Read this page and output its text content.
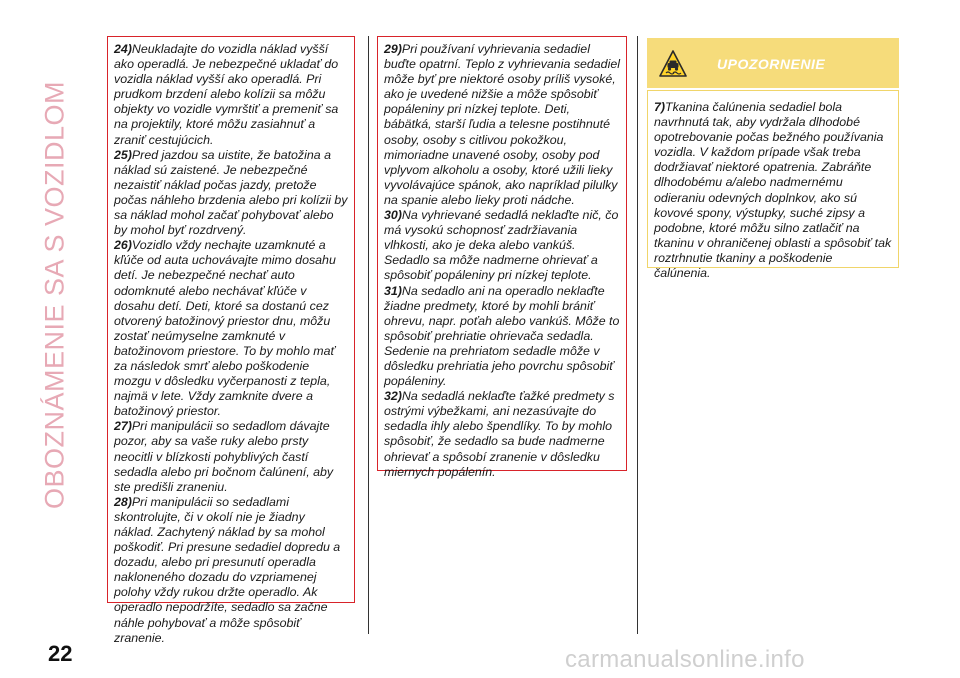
OBOZNÁMENIE SA S VOZIDLOM
22

24)Neukladajte do vozidla náklad vyšší ako operadlá. Je nebezpečné ukladať do vozidla náklad vyšší ako operadlá. Pri prudkom brzdení alebo kolízii sa môžu objekty vo vozidle vymrštiť a premeniť sa na projektily, ktoré môžu zasiahnuť a zraniť cestujúcich.

25)Pred jazdou sa uistite, že batožina a náklad sú zaistené. Je nebezpečné nezaistiť náklad počas jazdy, pretože počas náhleho brzdenia alebo pri kolízii by sa náklad mohol začať pohybovať alebo by mohol byť rozdrvený.

26)Vozidlo vždy nechajte uzamknuté a kľúče od auta uchovávajte mimo dosahu detí. Je nebezpečné nechať auto odomknuté alebo nechávať kľúče v dosahu detí. Deti, ktoré sa dostanú cez otvorený batožinový priestor dnu, môžu zostať neúmyselne zamknuté v batožinovom priestore. To by mohlo mať za následok smrť alebo poškodenie mozgu v dôsledku vyčerpanosti z tepla, najmä v lete. Vždy zamknite dvere a batožinový priestor.

27)Pri manipulácii so sedadlom dávajte pozor, aby sa vaše ruky alebo prsty neocitli v blízkosti pohyblivých častí sedadla alebo pri bočnom čalúnení, aby ste predišli zraneniu.

28)Pri manipulácii so sedadlami skontrolujte, či v okolí nie je žiadny náklad. Zachytený náklad by sa mohol poškodiť. Pri presune sedadiel dopredu a dozadu, alebo pri presunutí operadla nakloneného dozadu do vzpriamenej polohy vždy rukou držte operadlo. Ak operadlo nepodržíte, sedadlo sa začne náhle pohybovať a môže spôsobiť zranenie.

29)Pri používaní vyhrievania sedadiel buďte opatrní. Teplo z vyhrievania sedadiel môže byť pre niektoré osoby príliš vysoké, ako je uvedené nižšie a môže spôsobiť popáleniny pri nízkej teplote. Deti, bábätká, starší ľudia a telesne postihnuté osoby, osoby s citlivou pokožkou, mimoriadne unavené osoby, osoby pod vplyvom alkoholu a osoby, ktoré užili lieky vyvolávajúce spánok, ako napríklad pilulky na spanie alebo lieky proti nádche.

30)Na vyhrievané sedadlá neklaďte nič, čo má vysokú schopnosť zadržiavania vlhkosti, ako je deka alebo vankúš. Sedadlo sa môže nadmerne ohrievať a spôsobiť popáleniny pri nízkej teplote.

31)Na sedadlo ani na operadlo neklaďte žiadne predmety, ktoré by mohli brániť ohrevu, napr. poťah alebo vankúš. Môže to spôsobiť prehriatie ohrievača sedadla. Sedenie na prehriatom sedadle môže v dôsledku prehriatia jeho povrchu spôsobiť popáleniny.

32)Na sedadlá neklaďte ťažké predmety s ostrými výbežkami, ani nezasúvajte do sedadla ihly alebo špendlíky. To by mohlo spôsobiť, že sedadlo sa bude nadmerne ohrievať a spôsobí zranenie v dôsledku miernych popálenín.

UPOZORNENIE

7)Tkanina čalúnenia sedadiel bola navrhnutá tak, aby vydržala dlhodobé opotrebovanie počas bežného používania vozidla. V každom prípade však treba dodržiavať niektoré opatrenia. Zabráňte dlhodobému a/alebo nadmernému odieraniu odevných doplnkov, ako sú kovové spony, výstupky, suché zipsy a podobne, ktoré môžu silno zatlačiť na tkaninu v ohraničenej oblasti a spôsobiť tak roztrhnutie tkaniny a poškodenie čalúnenia.

carmanualsonline.info
